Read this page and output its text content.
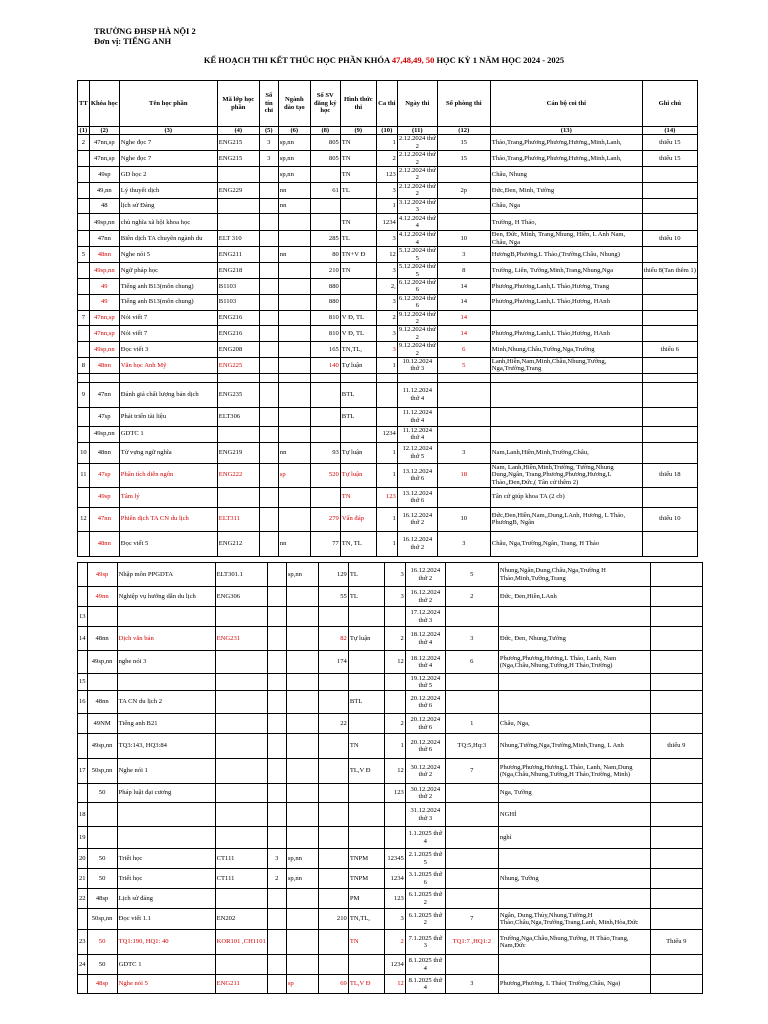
TRƯỜNG ĐHSP HÀ NỘI 2
Đơn vị: TIẾNG ANH
KẾ HOẠCH THI KẾT THÚC HỌC PHẦN KHÓA 47,48,49, 50 HỌC KỲ 1 NĂM HỌC 2024 - 2025
TT	Khóa học	Tên học phần	Mã lớp học phần	Số tín chỉ	Ngành đào tạo	Số SV đăng ký học	Hình thức thi	Ca thi	Ngày thi	Số phòng thi	Cán bộ coi thi	Ghi chú
(1)	(2)	(3)	(4)	(5)	(6)	(8)	(9)	(10)	(11)	(12)	(13)	(14)
2	47nn,sp	Nghe đọc 7	ENG215	3	sp,nn	805	TN	1	2.12.2024 thứ 2	15	Thảo,Trang,Phương,Phương,Hương,,Minh,Lanh,	thiếu 15
	47nn,sp	Nghe đọc 7	ENG215	3	sp,nn	805	TN	2	2.12.2024 thứ 2	15	Thảo,Trang,Phương,Phương,Hương,,Minh,Lanh,	thiếu 15
	49sp	GD học 2			sp,nn		TN	123	2.12.2024 thứ 2		Châu, Nhung	
	49,nn	Lý thuyết dịch	ENG229		nn	61	TL	3	2.12.2024 thứ 2	2p	Đức,Đen, Minh, Tường	
	48	lịch sử Đảng			nn			1	3.12.2024 thứ 3		Châu, Nga	
	49sp,nn	chủ nghĩa xã hội khoa học					TN	1234	4.12.2024 thứ 4		Trường, H Thảo,	
	47nn	Biên dịch TA chuyên ngành du	ELT 310			285	TL	3	4.12.2024 thứ 4	10	Đen, Đức, Minh, Trang,Nhung, Hiền, L Anh Nam, Châu, Nga	thiếu 10
5	48nn	Nghe nói 5	ENG211		nn	80	TN+V Đ	12	5.12.2024 thứ 5	3	HươngB,Phương,L Thảo,(Trường,Châu, Nhung)	
	49sp,nn	Ngữ pháp học	ENG218			210	TN	3	5.12.2024 thứ 5	8	Trường, Liên, Tường,Minh,Trang,Nhung,Nga	thiếu 8(Tan thêm 1)
	49	Tiếng anh B13(môn chung)	B1103			880		2,	6.12.2024 thứ 6	14	Phương,Phương,Lanh,L Thảo,Hương, Trang	
	49	Tiếng anh B13(môn chung)	B1103			880		3	6.12.2024 thứ 6	14	Phương,Phương,Lanh,L Thảo,Hương, HAnh	
7	47nn,sp	Nói viết 7	ENG216			810	V Đ, TL	2	9.12.2024 thứ 2	14		
	47nn,sp	Nói viết 7	ENG216			810	V Đ, TL	3	9.12.2024 thứ 2	14	Phương,Phương,Lanh,L Thảo,Hương, HAnh	
	49sp,nn	Đọc viết 3	ENG208			165	TN,TL,	3	9.12.2024 thứ 2	6	Minh,Nhung,Châu,Tường,Nga,Trường	thiếu 6
8	48nn	Văn học Anh Mỹ	ENG225			140	Tự luận	1	10.12.2024 thứ 3	5	Lanh,Hiền,Nam,Minh,Châu,Nhung,Tường, Nga,Trường,Trang	

9	47nn	Đánh giá chất lượng bản dịch	ENG235				BTL		11.12.2024 thứ 4			
	47sp	Phát triển tài liệu	ELT306				BTL		11.12.2024 thứ 4			
	49sp,nn	GDTC 1						1234	11.12.2024 thứ 4			
10	48nn	Từ vựng ngữ nghĩa	ENG219		nn	93	Tự luận	1	12.12.2024 thứ 5	3	Nam,Lanh,Hiền,Minh,Trường,Châu,	
11	47sp	Phân tích diễn ngôn	ENG222		sp	520	Tự luận	1	13.12.2024 thứ 6	18	Nam, Lanh,Hiền,Minh,Trường, Tường,Nhung Dung,Ngân, Trang,Phương,Phương,Hương,L Thảo,,Đen,Đức,( Tân cử thêm 2)	thiếu 18
	49sp	Tâm lý					TN	123	13.12.2024 thứ 6		Tân cử giúp khoa TA (2 cb)	
12	47nn	Phiên dịch TA CN du lịch	ELT311			279	Vấn đáp	1	16.12.2024 thứ 2	10	Đức,Đen,Hiền,Nam,,Dung,LAnh, Hương, L Thảo, PhươngB, Ngân	thiếu 10
	48nn	Đọc viết 5	ENG212		nn	77	TN, TL	1	16.12.2024 thứ 2	3	Châu, Nga,Trường,Ngân, Trang, H Thảo	
	49sp	Nhập môn PPGDTA	ELT301.1		sp,nn	129	TL	3	16.12.2024 thứ 2	5	Nhung,Ngân,Dung,Châu,Nga,Trường H Thảo,Minh,Tường,Trang	
	49nn	Nghiệp vụ hướng dẫn du lịch	ENG306			55	TL	3	16.12.2024 thứ 2	2	Đức, Đen,Hiền,LAnh	
13									17.12.2024 thứ 3			
14	48nn	Dịch văn bản	ENG231			82	Tự luận	2	18.12.2024 thứ 4	3	Đức, Đen, Nhung,Tường	
	49sp,nn	nghe nói 3				174		12	18.12.2024 thứ 4	6	Phương,Phương,Hương,L Thảo, Lanh, Nam (Nga,Châu,Nhung,Tường,H Thảo,Trường)	
15									19.12.2024 thứ 5			
16	48nn	TA CN du lịch 2					BTL		20.12.2024 thứ 6			
	49NM	Tiếng anh B21				22		2	20.12.2024 thứ 6	1	Châu, Nga,	
	49sp,nn	TQ3:143, HQ3:84					TN	1	20.12.2024 thứ 6	TQ:5,Hq:3	Nhung,Tường,Nga,Trường,Minh,Trang, L Anh	thiếu 9
17	50sp,nn	Nghe nói 1					TL,V Đ	12	30.12.2024 thứ 2	7	Phương,Phương,Hương,L Thảo, Lanh, Nam,Dung (Nga,Châu,Nhung,Tường,H Thảo,Trường, Minh)	
	50	Pháp luật đại cương						123	30.12.2024 thứ 2		Nga, Tường	
18									31.12.2024 thứ 3		NGHỈ	
19									1.1.2025 thứ 4		nghỉ	
20	50	Triết học	CT111	3	sp,nn		TNPM	12345	2.1.2025 thứ 5			
21	50	Triết học	CT111	2	sp,nn		TNPM	1234	3.1.2025 thứ 6		Nhung, Tường	
22	48sp	Lịch sử đảng					PM	123	6.1.2025 thứ 2			
	50sp,nn	Đọc viết 1.1	EN202			210	TN,TL,	3	6.1.2025 thứ 2	7	Ngân, Dung,Thủy,Nhung,Tường,H Thảo,Châu,Nga,Trường,Trang,Lanh, Minh,Hòa,Đức	
23	50	TQ1:190, HQ1: 40	KOR101 ,CH1101				TN	2	7.1.2025 thứ 3	TQ1:7 ,HQ1:2	Trường,Nga,Châu,Nhung,Tường, H Thảo,Trang, Nam,Đức	Thiếu 9
24	50	GDTC 1						1234	8.1.2025 thứ 4			
	48sp	Nghe nói 5	ENG211		sp	69	TL,V Đ	12	8.1.2025 thứ 4	3	Phương,Phương, L Thảo( Trường,Châu, Nga)	
